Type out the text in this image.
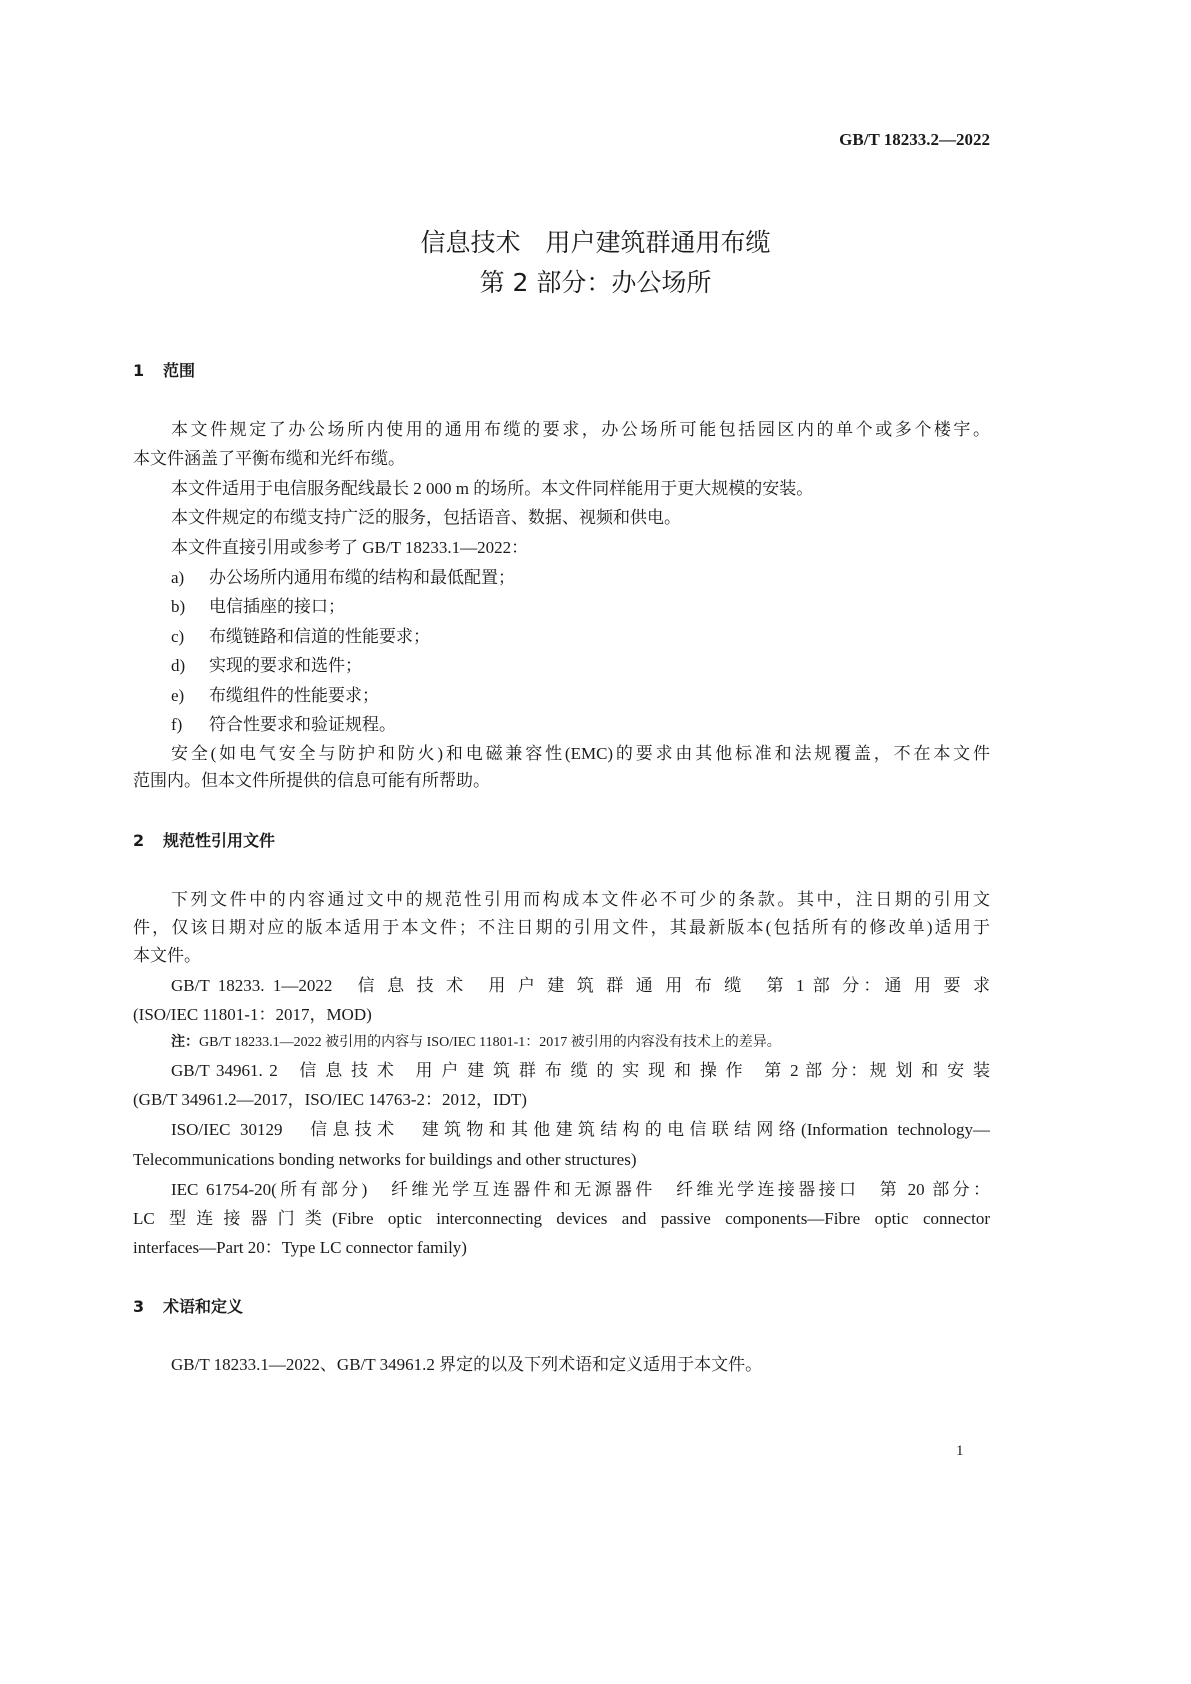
GB/T 18233.2—2022
信息技术　用户建筑群通用布缆
第 2 部分：办公场所
1 范围
本文件规定了办公场所内使用的通用布缆的要求，办公场所可能包括园区内的单个或多个楼宇。
本文件涵盖了平衡布缆和光纤布缆。
本文件适用于电信服务配线最长 2 000 m 的场所。本文件同样能用于更大规模的安装。
本文件规定的布缆支持广泛的服务，包括语音、数据、视频和供电。
本文件直接引用或参考了 GB/T 18233.1—2022：
a) 办公场所内通用布缆的结构和最低配置；
b) 电信插座的接口；
c) 布缆链路和信道的性能要求；
d) 实现的要求和选件；
e) 布缆组件的性能要求；
f) 符合性要求和验证规程。
安全(如电气安全与防护和防火)和电磁兼容性(EMC)的要求由其他标准和法规覆盖，不在本文件
范围内。但本文件所提供的信息可能有所帮助。
2 规范性引用文件
下列文件中的内容通过文中的规范性引用而构成本文件必不可少的条款。其中，注日期的引用文
件，仅该日期对应的版本适用于本文件；不注日期的引用文件，其最新版本(包括所有的修改单)适用于
本文件。
GB/T 18233. 1—2022　信 息 技 术　用 户 建 筑 群 通 用 布 缆　第 1 部 分：通 用 要 求
(ISO/IEC 11801-1：2017，MOD)
注：GB/T 18233.1—2022 被引用的内容与 ISO/IEC 11801-1：2017 被引用的内容没有技术上的差异。
GB/T 34961. 2　信 息 技 术　用 户 建 筑 群 布 缆 的 实 现 和 操 作　第 2 部 分：规 划 和 安 装
(GB/T 34961.2—2017，ISO/IEC 14763-2：2012，IDT)
ISO/IEC 30129　信息技术　建筑物和其他建筑结构的电信联结网络(Information technology—
Telecommunications bonding networks for buildings and other structures)
IEC 61754-20(所有部分)　纤维光学互连器件和无源器件　纤维光学连接器接口　第 20 部分：
LC 型连接器门类(Fibre optic interconnecting devices and passive components—Fibre optic connector
interfaces—Part 20：Type LC connector family)
3 术语和定义
GB/T 18233.1—2022、GB/T 34961.2 界定的以及下列术语和定义适用于本文件。
1
